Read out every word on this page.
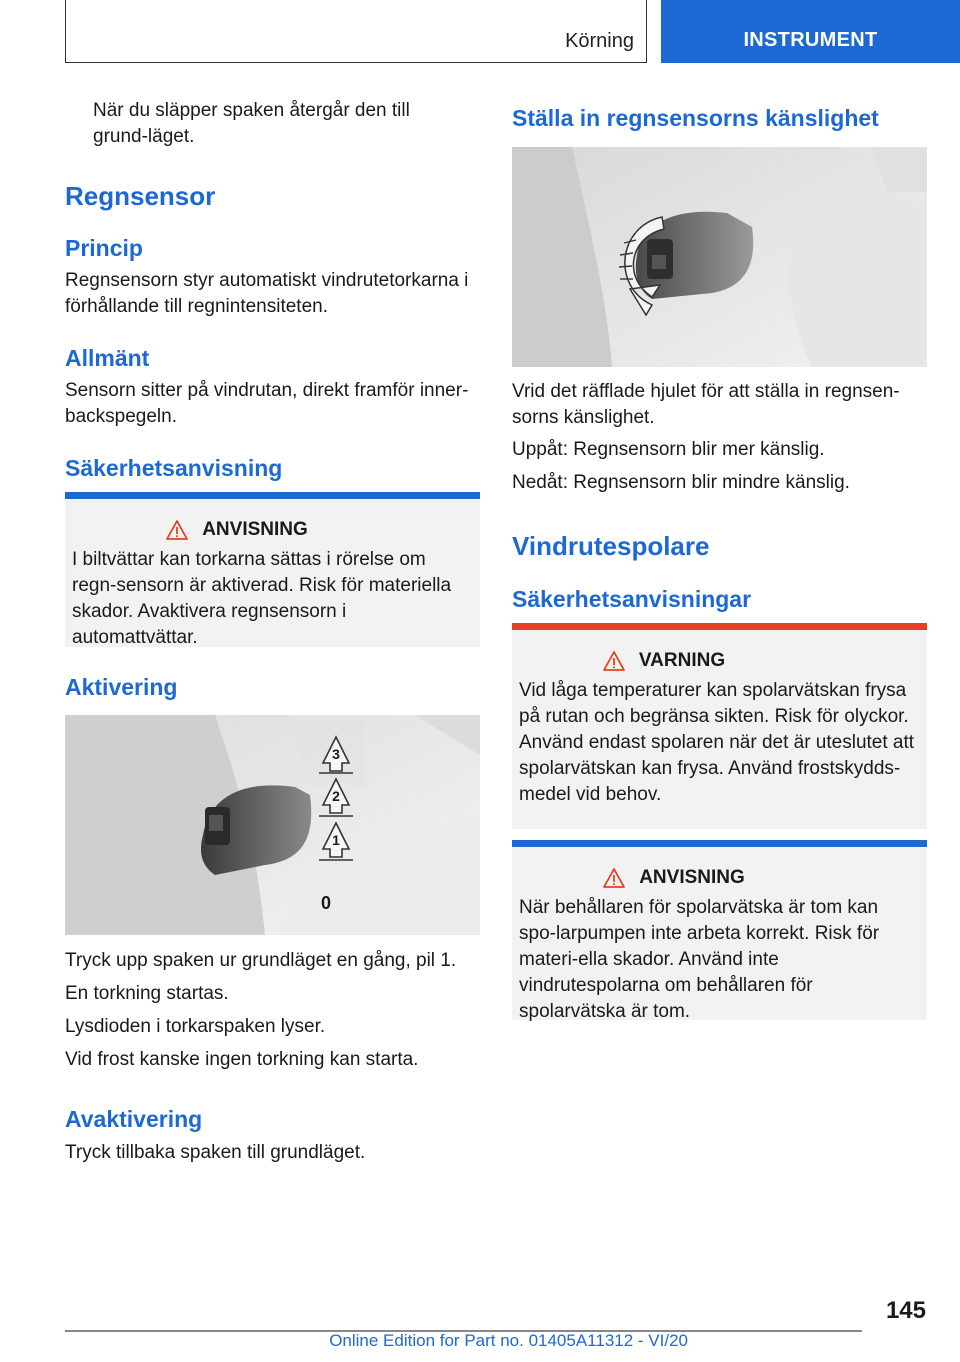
Körning	INSTRUMENT

När du släpper spaken återgår den till grund-läget.

Regnsensor
Princip

Regnsensorn styr automatiskt vindrutetorkarna i förhållande till regnintensiteten.

Allmänt

Sensorn sitter på vindrutan, direkt framför inner-backspegeln.

Säkerhetsanvisning
ANVISNING

I biltvättar kan torkarna sättas i rörelse om regn-sensorn är aktiverad. Risk för materiella skador. Avaktivera regnsensorn i automattvättar.

Aktivering
3
2
1
0

Tryck upp spaken ur grundläget en gång, pil 1.

En torkning startas.

Lysdioden i torkarspaken lyser.

Vid frost kanske ingen torkning kan starta.

Avaktivering

Tryck tillbaka spaken till grundläget.

Ställa in regnsensorns känslighet

Vrid det räfflade hjulet för att ställa in regnsen-sorns känslighet.

Uppåt: Regnsensorn blir mer känslig.

Nedåt: Regnsensorn blir mindre känslig.

Vindrutespolare
Säkerhetsanvisningar
VARNING

Vid låga temperaturer kan spolarvätskan frysa på rutan och begränsa sikten. Risk för olyckor. Använd endast spolaren när det är uteslutet att spolarvätskan kan frysa. Använd frostskydds-medel vid behov.

ANVISNING

När behållaren för spolarvätska är tom kan spo-larpumpen inte arbeta korrekt. Risk för materi-ella skador. Använd inte vindrutespolarna om behållaren för spolarvätska är tom.

145
Online Edition for Part no. 01405A11312 - VI/20
